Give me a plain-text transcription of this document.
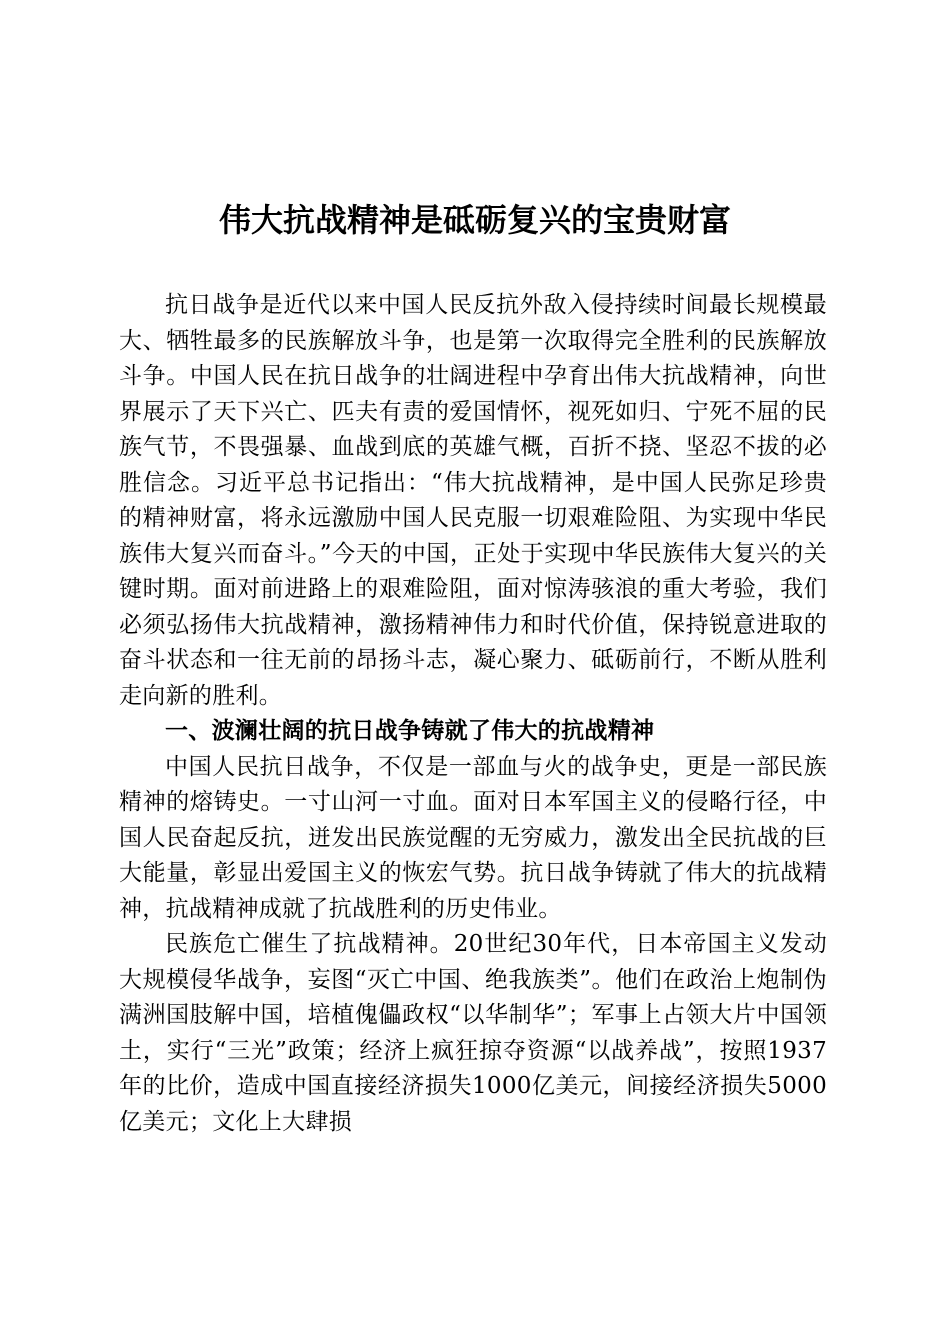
伟大抗战精神是砥砺复兴的宝贵财富

抗日战争是近代以来中国人民反抗外敌入侵持续时间最长规模最大、牺牲最多的民族解放斗争，也是第一次取得完全胜利的民族解放斗争。中国人民在抗日战争的壮阔进程中孕育出伟大抗战精神，向世界展示了天下兴亡、匹夫有责的爱国情怀，视死如归、宁死不屈的民族气节，不畏强暴、血战到底的英雄气概，百折不挠、坚忍不拔的必胜信念。习近平总书记指出：“伟大抗战精神，是中国人民弥足珍贵的精神财富，将永远激励中国人民克服一切艰难险阻、为实现中华民族伟大复兴而奋斗。”今天的中国，正处于实现中华民族伟大复兴的关键时期。面对前进路上的艰难险阻，面对惊涛骇浪的重大考验，我们必须弘扬伟大抗战精神，激扬精神伟力和时代价值，保持锐意进取的奋斗状态和一往无前的昂扬斗志，凝心聚力、砥砺前行，不断从胜利走向新的胜利。

一、波澜壮阔的抗日战争铸就了伟大的抗战精神

中国人民抗日战争，不仅是一部血与火的战争史，更是一部民族精神的熔铸史。一寸山河一寸血。面对日本军国主义的侵略行径，中国人民奋起反抗，迸发出民族觉醒的无穷威力，激发出全民抗战的巨大能量，彰显出爱国主义的恢宏气势。抗日战争铸就了伟大的抗战精神，抗战精神成就了抗战胜利的历史伟业。

民族危亡催生了抗战精神。20世纪30年代，日本帝国主义发动大规模侵华战争，妄图“灭亡中国、绝我族类”。他们在政治上炮制伪满洲国肢解中国，培植傀儡政权“以华制华”；军事上占领大片中国领土，实行“三光”政策；经济上疯狂掠夺资源“以战养战”，按照1937年的比价，造成中国直接经济损失1000亿美元，间接经济损失5000亿美元；文化上大肆损
